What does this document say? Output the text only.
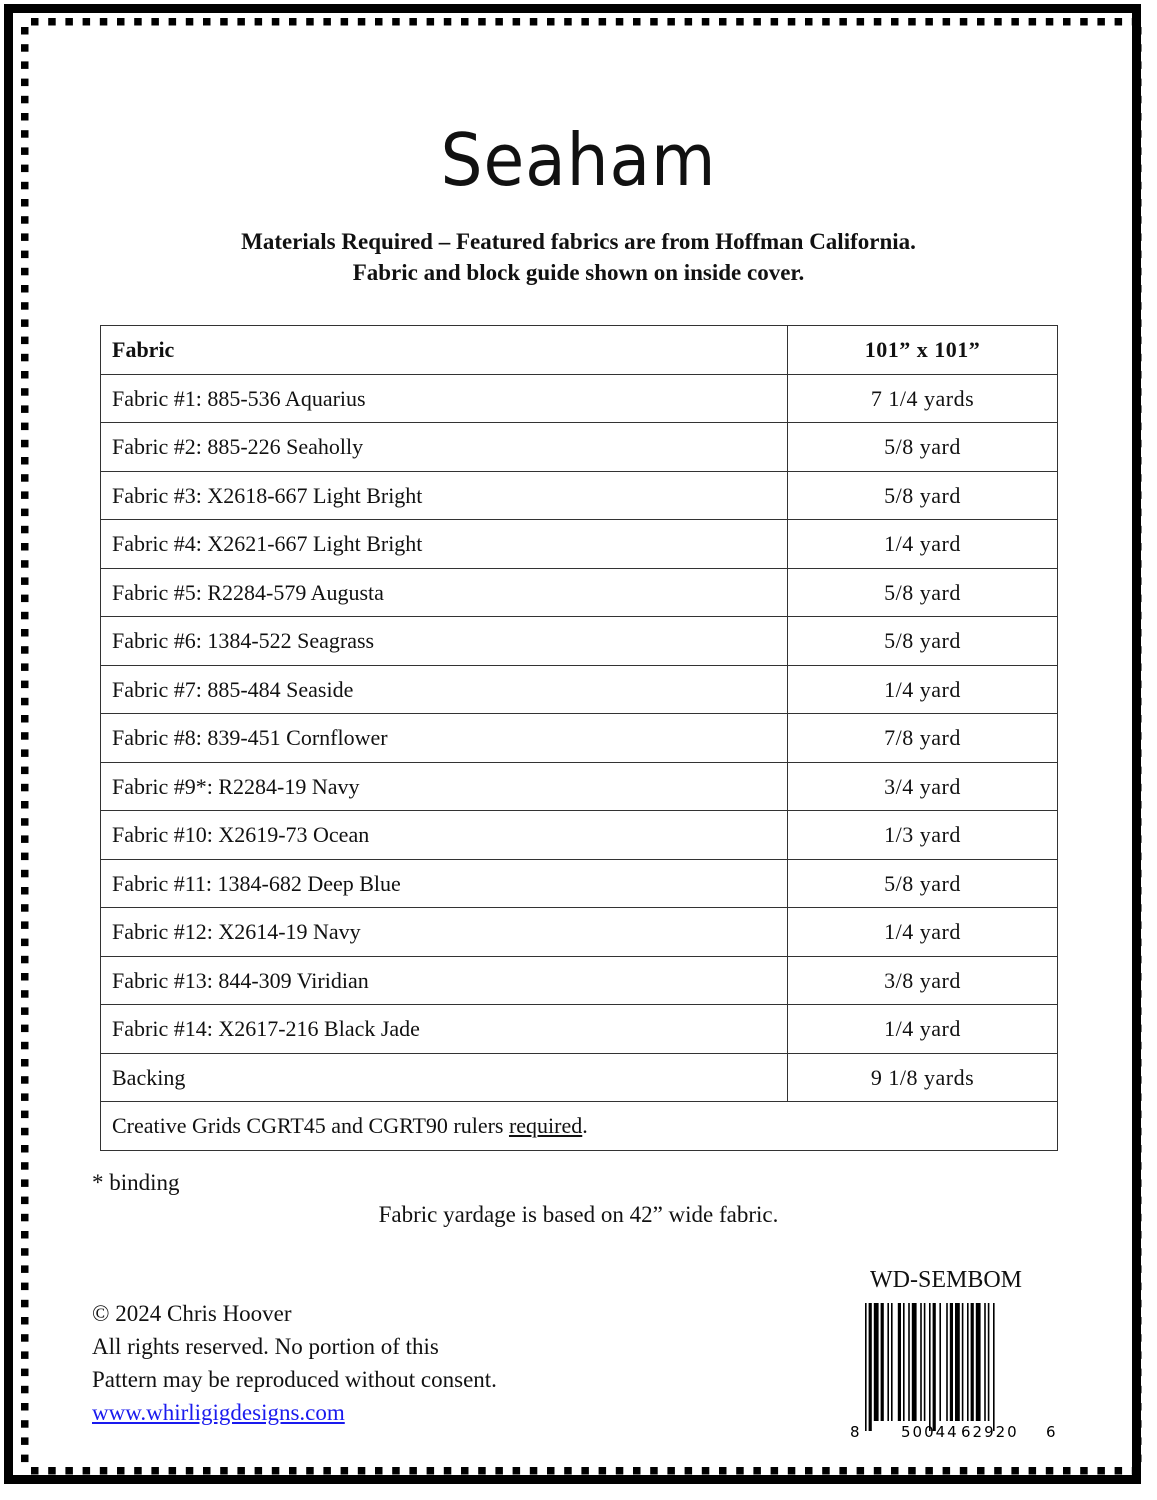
Seaham
Materials Required – Featured fabrics are from Hoffman California.
Fabric and block guide shown on inside cover.
Fabric	101” x 101”
Fabric #1: 885-536 Aquarius	7 1/4 yards
Fabric #2: 885-226 Seaholly	5/8 yard
Fabric #3: X2618-667 Light Bright	5/8 yard
Fabric #4: X2621-667 Light Bright	1/4 yard
Fabric #5: R2284-579 Augusta	5/8 yard
Fabric #6: 1384-522 Seagrass	5/8 yard
Fabric #7: 885-484 Seaside	1/4 yard
Fabric #8: 839-451 Cornflower	7/8 yard
Fabric #9*: R2284-19 Navy	3/4 yard
Fabric #10: X2619-73 Ocean	1/3 yard
Fabric #11: 1384-682 Deep Blue	5/8 yard
Fabric #12: X2614-19 Navy	1/4 yard
Fabric #13: 844-309 Viridian	3/8 yard
Fabric #14: X2617-216 Black Jade	1/4 yard
Backing	9 1/8 yards
Creative Grids CGRT45 and CGRT90 rulers required.	
* binding
Fabric yardage is based on 42” wide fabric.
© 2024 Chris Hoover
All rights reserved. No portion of this
Pattern may be reproduced without consent.
www.whirligigdesigns.com
WD-SEMBOM
8	50044 62920 6
